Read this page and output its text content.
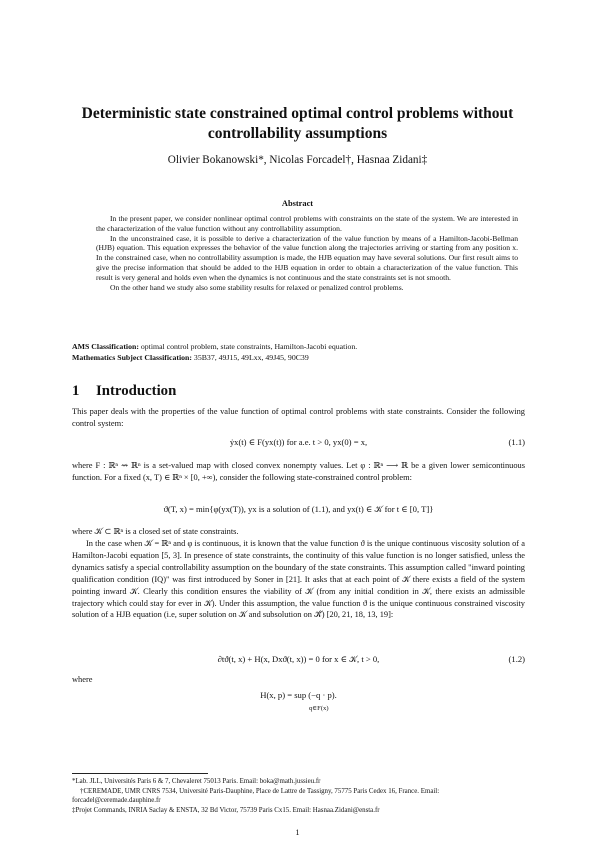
Deterministic state constrained optimal control problems without
controllability assumptions
Olivier Bokanowski*, Nicolas Forcadel†, Hasnaa Zidani‡
Abstract

In the present paper, we consider nonlinear optimal control problems with constraints on the state of the system. We are interested in the characterization of the value function without any controllability assumption.

In the unconstrained case, it is possible to derive a characterization of the value function by means of a Hamilton-Jacobi-Bellman (HJB) equation. This equation expresses the behavior of the value function along the trajectories arriving or starting from any position x. In the constrained case, when no controllability assumption is made, the HJB equation may have several solutions. Our first result aims to give the precise information that should be added to the HJB equation in order to obtain a characterization of the value function. This result is very general and holds even when the dynamics is not continuous and the state constraints set is not smooth.

On the other hand we study also some stability results for relaxed or penalized control problems.

AMS Classification: optimal control problem, state constraints, Hamilton-Jacobi equation.
Mathematics Subject Classification: 35B37, 49J15, 49Lxx, 49J45, 90C39
1 Introduction
This paper deals with the properties of the value function of optimal control problems with state constraints. Consider the following control system:
ẏx(t) ∈ F(yx(t)) for a.e. t > 0, yx(0) = x,	(1.1)
where F : ℝⁿ ⇝ ℝⁿ is a set-valued map with closed convex nonempty values. Let φ : ℝⁿ ⟶ ℝ be a given lower semicontinuous function. For a fixed (x, T) ∈ ℝⁿ × [0, +∞), consider the following state-constrained control problem:
ϑ(T, x) = min{φ(yx(T)), yx is a solution of (1.1), and yx(t) ∈ 𝒦 for t ∈ [0, T]}
where 𝒦 ⊂ ℝⁿ is a closed set of state constraints.
In the case when 𝒦 = ℝⁿ and φ is continuous, it is known that the value function ϑ is the unique continuous viscosity solution of a Hamilton-Jacobi equation [5, 3]. In presence of state constraints, the continuity of this value function is no longer satisfied, unless the dynamics satisfy a special controllability assumption on the boundary of the state constraints. This assumption called "inward pointing qualification condition (IQ)" was first introduced by Soner in [21]. It asks that at each point of 𝒦 there exists a field of the system pointing inward 𝒦. Clearly this condition ensures the viability of 𝒦 (from any initial condition in 𝒦, there exists an admissible trajectory which could stay for ever in 𝒦). Under this assumption, the value function ϑ is the unique continuous constrained viscosity solution of a HJB equation (i.e, super solution on 𝒦 and subsolution on 𝒦̊) [20, 21, 18, 13, 19]:
∂tϑ(t, x) + H(x, Dxϑ(t, x)) = 0 for x ∈ 𝒦, t > 0,	(1.2)
where
H(x, p) = sup (−q · p).
q∈F(x)
*Lab. JLL, Universités Paris 6 & 7, Chevaleret 75013 Paris. Email: boka@math.jussieu.fr
†CEREMADE, UMR CNRS 7534, Université Paris-Dauphine, Place de Lattre de Tassigny, 75775 Paris Cedex 16, France. Email: forcadel@ceremade.dauphine.fr
‡Projet Commands, INRIA Saclay & ENSTA, 32 Bd Victor, 75739 Paris Cx15. Email: Hasnaa.Zidani@ensta.fr
1
